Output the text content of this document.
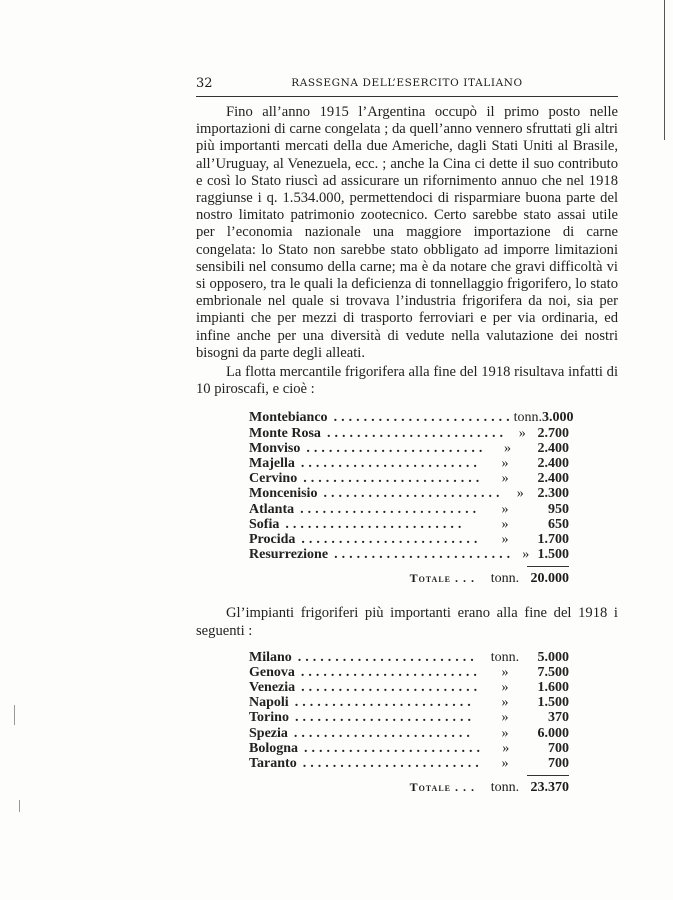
32	RASSEGNA DELL’ESERCITO ITALIANO

Fino all’anno 1915 l’Argentina occupò il primo posto nelle importazioni di carne congelata ; da quell’anno vennero sfruttati gli altri più importanti mercati della due Americhe, dagli Stati Uniti al Brasile, all’Uruguay, al Venezuela, ecc. ; anche la Cina ci dette il suo contributo e così lo Stato riuscì ad assicurare un rifornimento annuo che nel 1918 raggiunse i q. 1.534.000, permettendoci di risparmiare buona parte del nostro limitato patrimonio zootecnico. Certo sarebbe stato assai utile per l’economia nazionale una maggiore importazione di carne congelata: lo Stato non sarebbe stato obbligato ad imporre limitazioni sensibili nel consumo della carne; ma è da notare che gravi difficoltà vi si opposero, tra le quali la deficienza di tonnellaggio frigorifero, lo stato embrionale nel quale si trovava l’industria frigorifera da noi, sia per impianti che per mezzi di trasporto ferroviari e per via ordinaria, ed infine anche per una diversità di vedute nella valutazione dei nostri bisogni da parte degli alleati.

La flotta mercantile frigorifera alla fine del 1918 risultava infatti di 10 piroscafi, e cioè :

Montebianco ........................ tonn. 3.000
Monte Rosa ........................ » 2.700
Monviso ........................	»	2.400
Majella ........................	»	2.400
Cervino ........................	»	2.400
Moncenisio ........................ » 2.300
Atlanta ........................	»	950
Sofia ........................	»	650
Procida ........................	»	1.700
Resurrezione ........................ » 1.500
Totale . . .	tonn. 20.000

Gl’impianti frigoriferi più importanti erano alla fine del 1918 i seguenti :

Milano ........................ tonn.	5.000
Genova ........................	»	7.500
Venezia ........................	»	1.600
Napoli ........................	»	1.500
Torino ........................	»	370
Spezia ........................	»	6.000
Bologna ........................	»	700
Taranto ........................	»	700
Totale . . .	tonn. 23.370
